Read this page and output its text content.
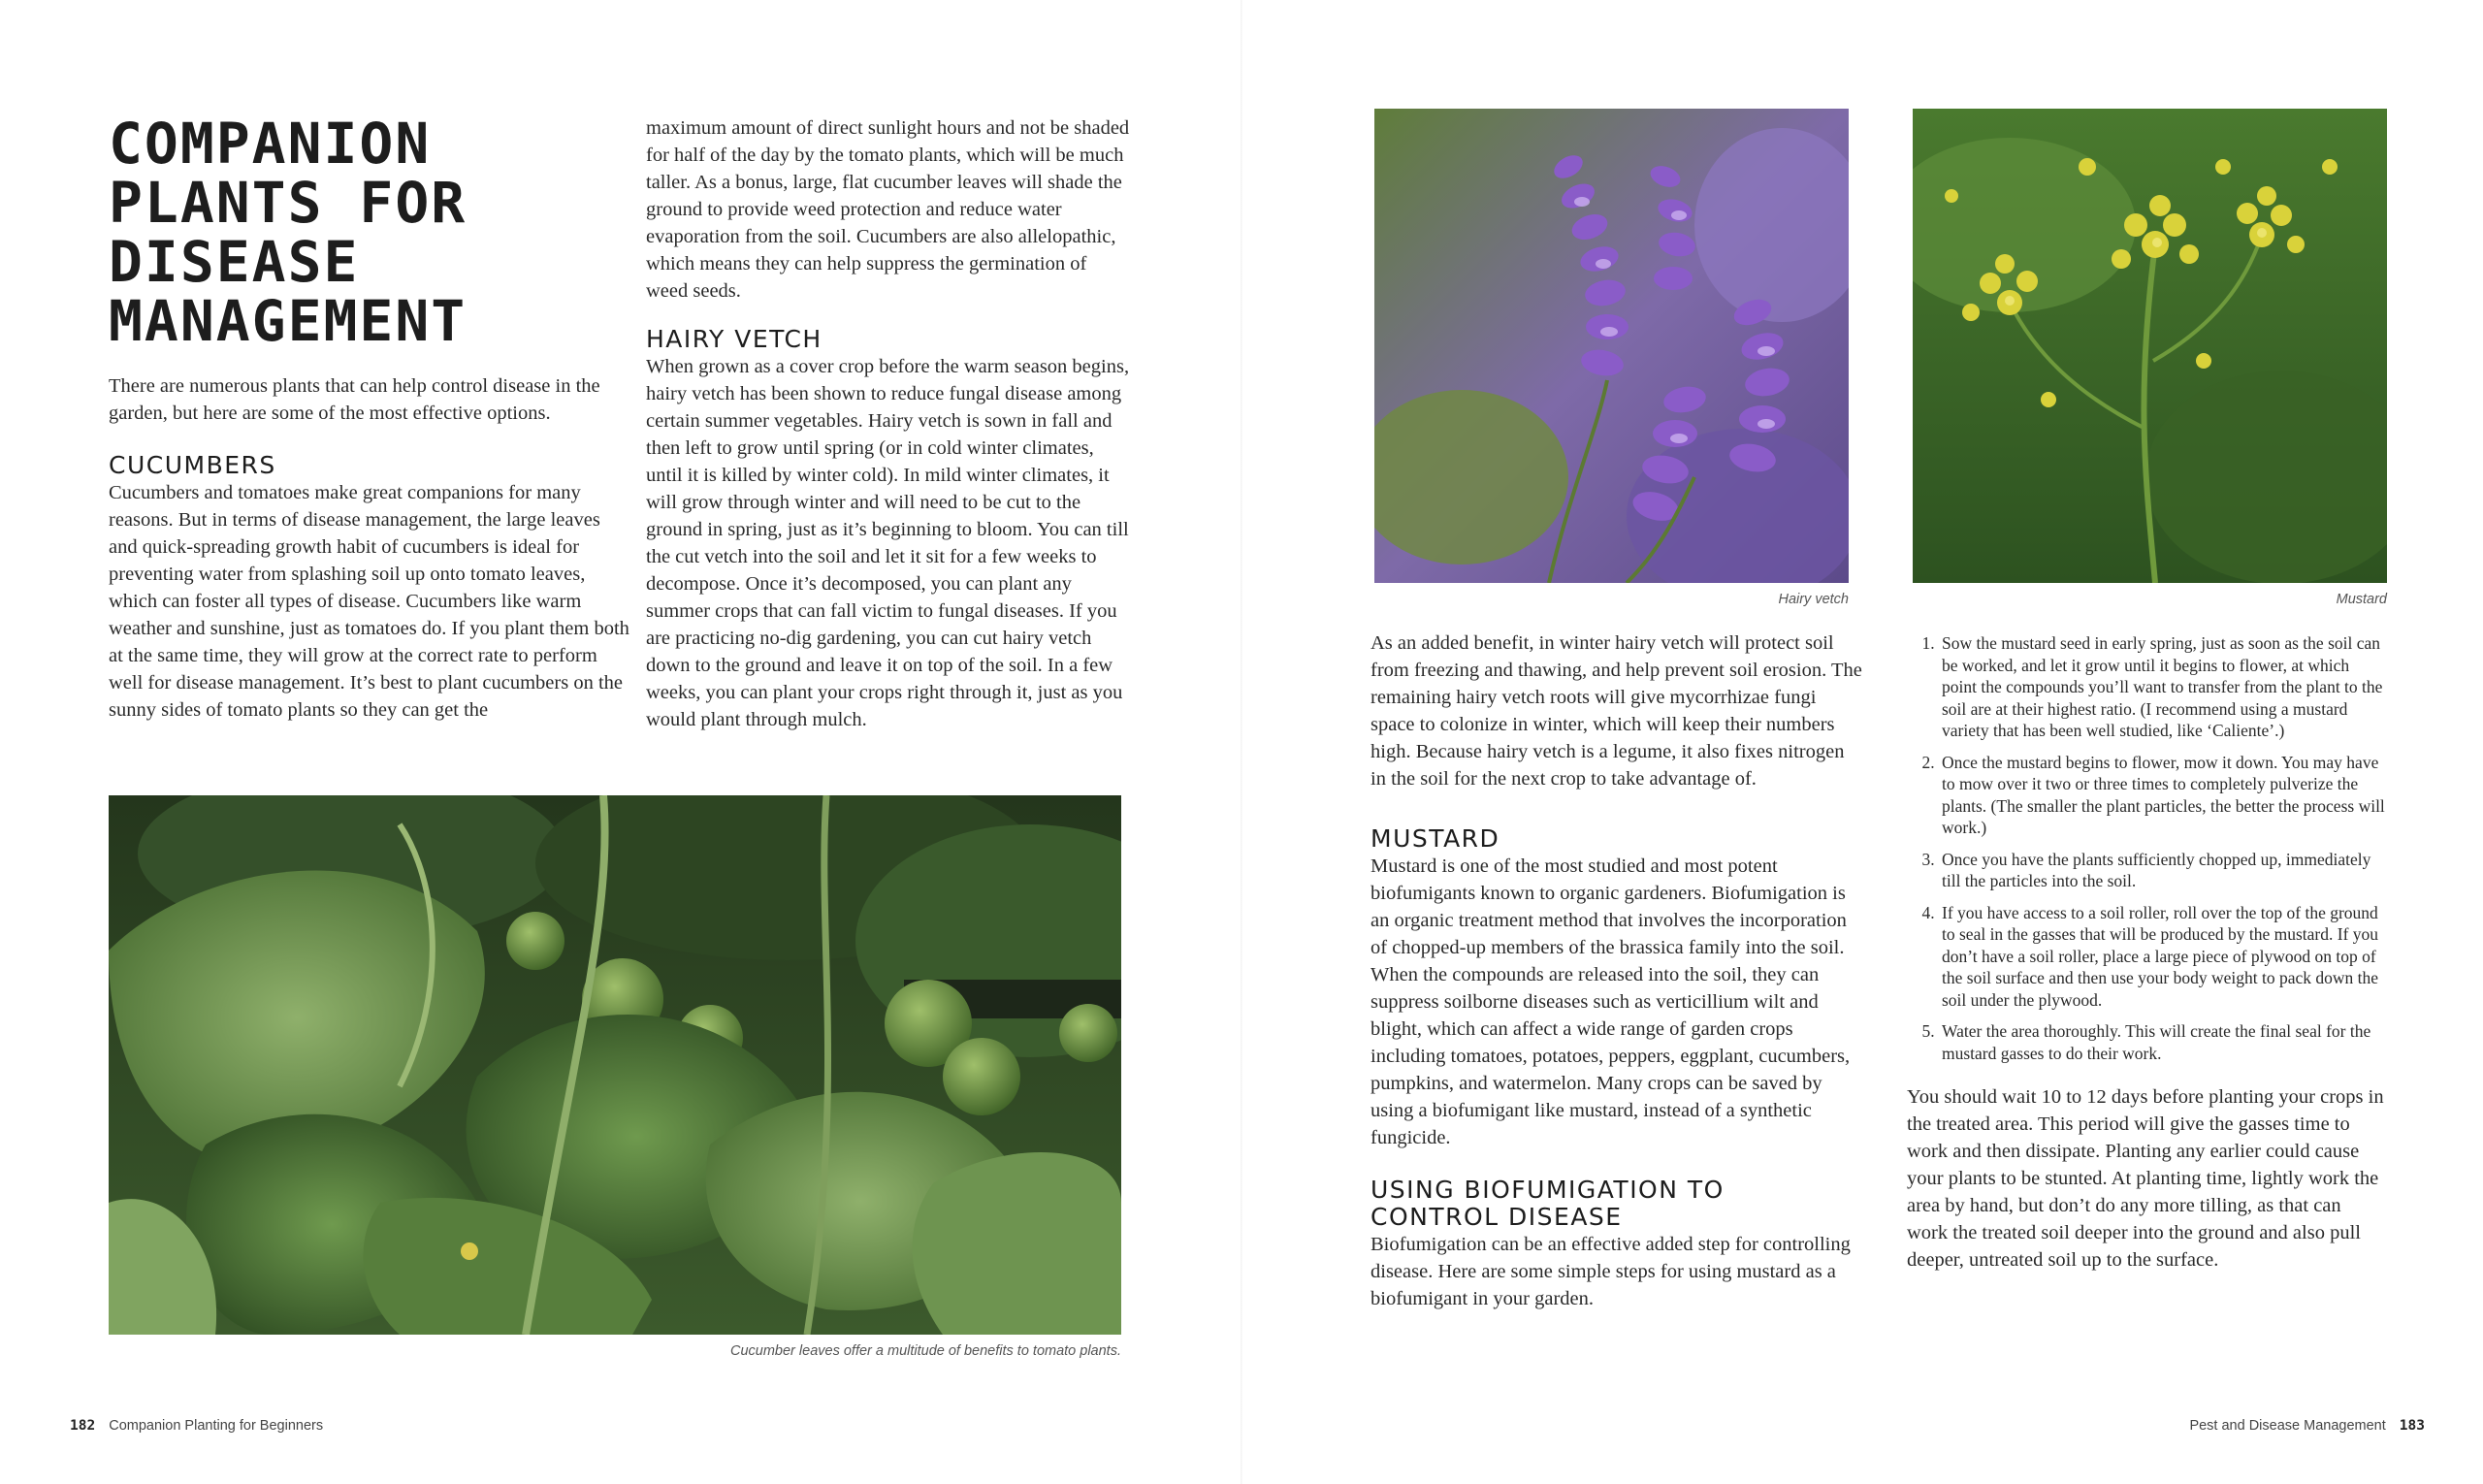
COMPANION
PLANTS FOR
DISEASE
MANAGEMENT
There are numerous plants that can help control disease in the garden, but here are some of the most effective options.
CUCUMBERS
Cucumbers and tomatoes make great companions for many reasons. But in terms of disease management, the large leaves and quick-spreading growth habit of cucumbers is ideal for preventing water from splashing soil up onto tomato leaves, which can foster all types of disease. Cucumbers like warm weather and sunshine, just as tomatoes do. If you plant them both at the same time, they will grow at the correct rate to perform well for disease management. It’s best to plant cucumbers on the sunny sides of tomato plants so they can get the
maximum amount of direct sunlight hours and not be shaded for half of the day by the tomato plants, which will be much taller. As a bonus, large, flat cucumber leaves will shade the ground to provide weed protection and reduce water evaporation from the soil. Cucumbers are also allelopathic, which means they can help suppress the germination of weed seeds.
HAIRY VETCH
When grown as a cover crop before the warm season begins, hairy vetch has been shown to reduce fungal disease among certain summer vegetables. Hairy vetch is sown in fall and then left to grow until spring (or in cold winter climates, until it is killed by winter cold). In mild winter climates, it will grow through winter and will need to be cut to the ground in spring, just as it’s beginning to bloom. You can till the cut vetch into the soil and let it sit for a few weeks to decompose. Once it’s decomposed, you can plant any summer crops that can fall victim to fungal diseases. If you are practicing no-dig gardening, you can cut hairy vetch down to the ground and leave it on top of the soil. In a few weeks, you can plant your crops right through it, just as you would plant through mulch.
Cucumber leaves offer a multitude of benefits to tomato plants.
182 Companion Planting for Beginners
Hairy vetch	Mustard
As an added benefit, in winter hairy vetch will protect soil from freezing and thawing, and help prevent soil erosion. The remaining hairy vetch roots will give mycorrhizae fungi space to colonize in winter, which will keep their numbers high. Because hairy vetch is a legume, it also fixes nitrogen in the soil for the next crop to take advantage of.
MUSTARD
Mustard is one of the most studied and most potent biofumigants known to organic gardeners. Biofumigation is an organic treatment method that involves the incorporation of chopped-up members of the brassica family into the soil. When the compounds are released into the soil, they can suppress soilborne diseases such as verticillium wilt and blight, which can affect a wide range of garden crops including tomatoes, potatoes, peppers, eggplant, cucumbers, pumpkins, and watermelon. Many crops can be saved by using a biofumigant like mustard, instead of a synthetic fungicide.
USING BIOFUMIGATION TO
CONTROL DISEASE
Biofumigation can be an effective added step for controlling disease. Here are some simple steps for using mustard as a biofumigant in your garden.
1. Sow the mustard seed in early spring, just as soon as the soil can be worked, and let it grow until it begins to flower, at which point the compounds you’ll want to transfer from the plant to the soil are at their highest ratio. (I recommend using a mustard variety that has been well studied, like ‘Caliente’.)
2. Once the mustard begins to flower, mow it down. You may have to mow over it two or three times to completely pulverize the plants. (The smaller the plant particles, the better the process will work.)
3. Once you have the plants sufficiently chopped up, immediately till the particles into the soil.
4. If you have access to a soil roller, roll over the top of the ground to seal in the gasses that will be produced by the mustard. If you don’t have a soil roller, place a large piece of plywood on top of the soil surface and then use your body weight to pack down the soil under the plywood.
5. Water the area thoroughly. This will create the final seal for the mustard gasses to do their work.
You should wait 10 to 12 days before planting your crops in the treated area. This period will give the gasses time to work and then dissipate. Planting any earlier could cause your plants to be stunted. At planting time, lightly work the area by hand, but don’t do any more tilling, as that can work the treated soil deeper into the ground and also pull deeper, untreated soil up to the surface.
Pest and Disease Management 183
